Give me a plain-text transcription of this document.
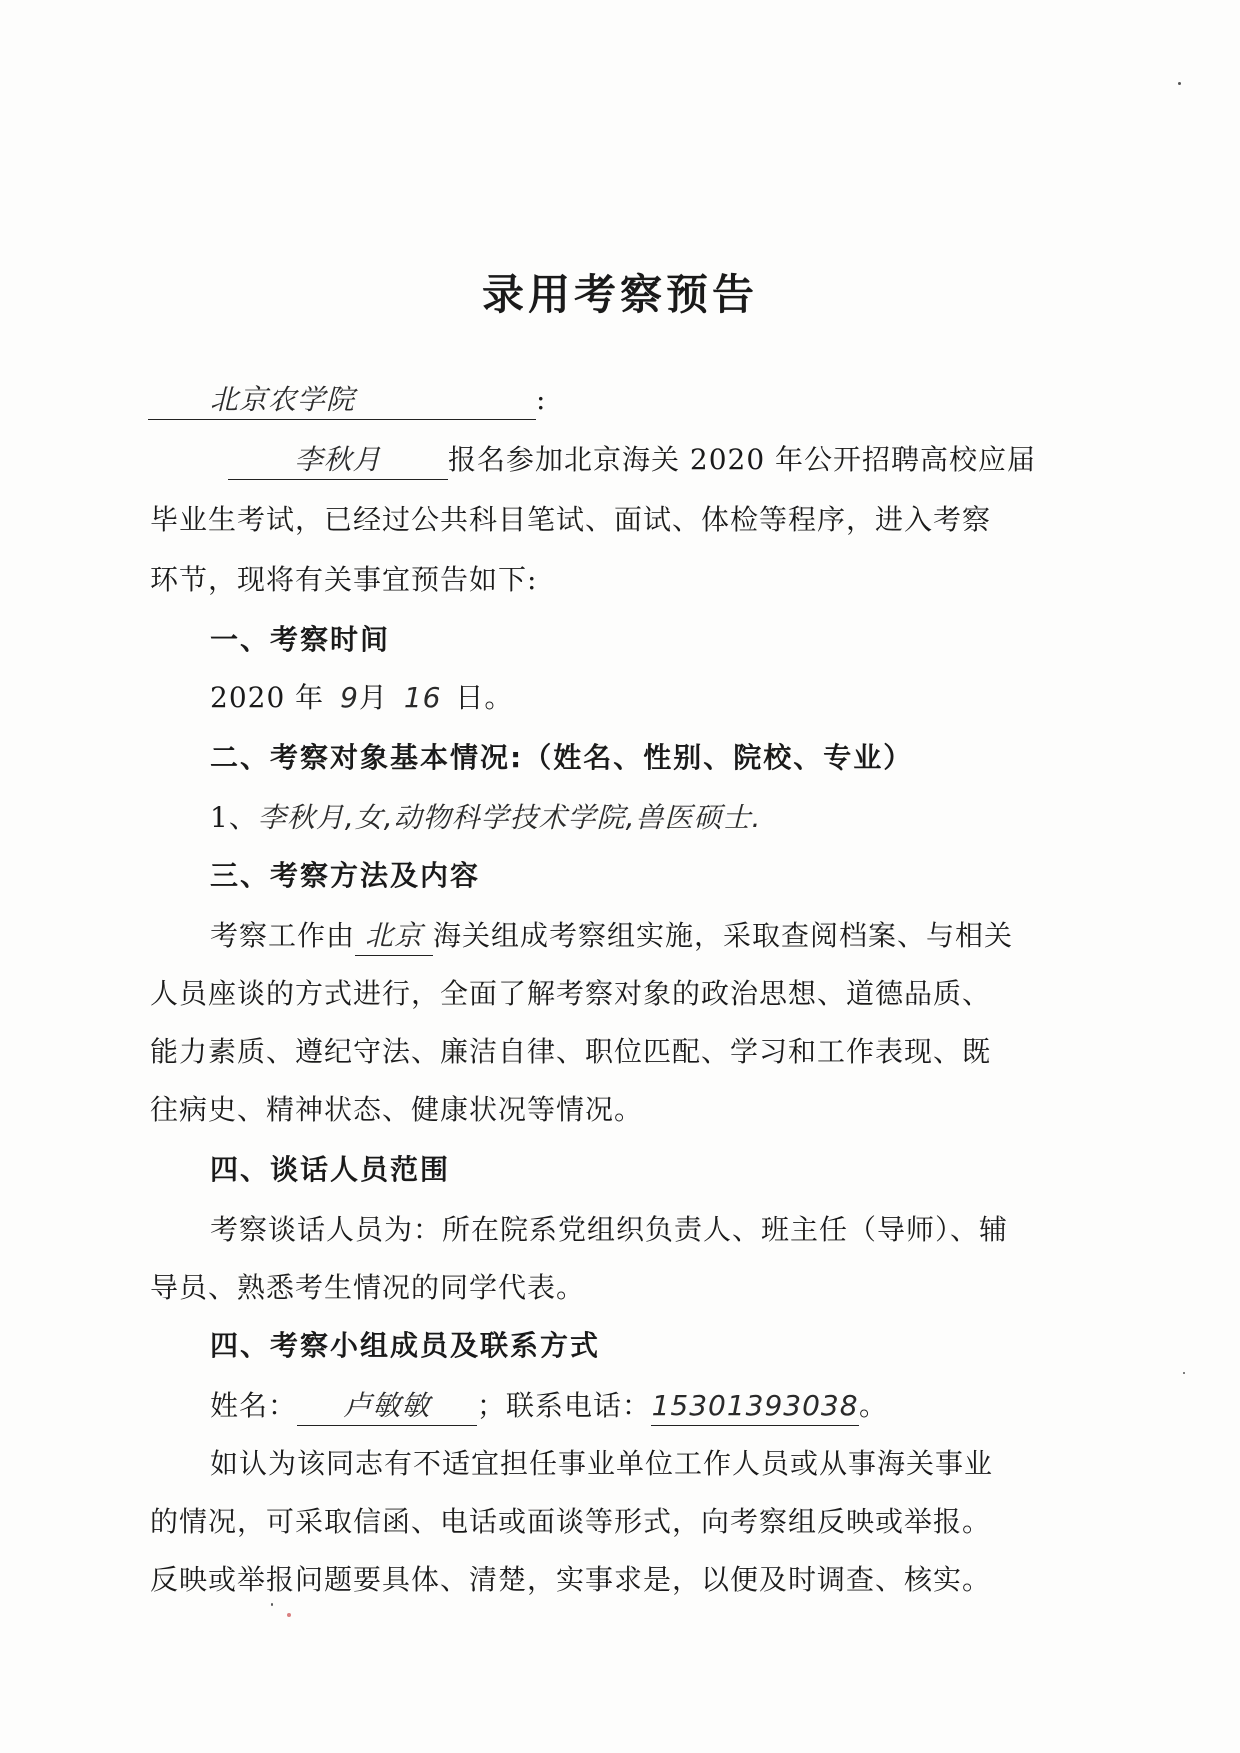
录用考察预告
北京农学院	:
李秋月 报名参加北京海关 2020 年公开招聘高校应届
毕业生考试，已经过公共科目笔试、面试、体检等程序，进入考察
环节，现将有关事宜预告如下:
一、考察时间
2020 年 9月 16 日。
二、考察对象基本情况:（姓名、性别、院校、专业）
1、李秋月,女,动物科学技术学院,兽医硕士.
三、考察方法及内容
考察工作由 北京 海关组成考察组实施，采取查阅档案、与相关
人员座谈的方式进行，全面了解考察对象的政治思想、道德品质、
能力素质、遵纪守法、廉洁自律、职位匹配、学习和工作表现、既
往病史、精神状态、健康状况等情况。
四、谈话人员范围
考察谈话人员为：所在院系党组织负责人、班主任（导师）、辅
导员、熟悉考生情况的同学代表。
四、考察小组成员及联系方式
姓名： 卢敏敏 ；联系电话：15301393038。
如认为该同志有不适宜担任事业单位工作人员或从事海关事业
的情况，可采取信函、电话或面谈等形式，向考察组反映或举报。
反映或举报问题要具体、清楚，实事求是，以便及时调查、核实。
